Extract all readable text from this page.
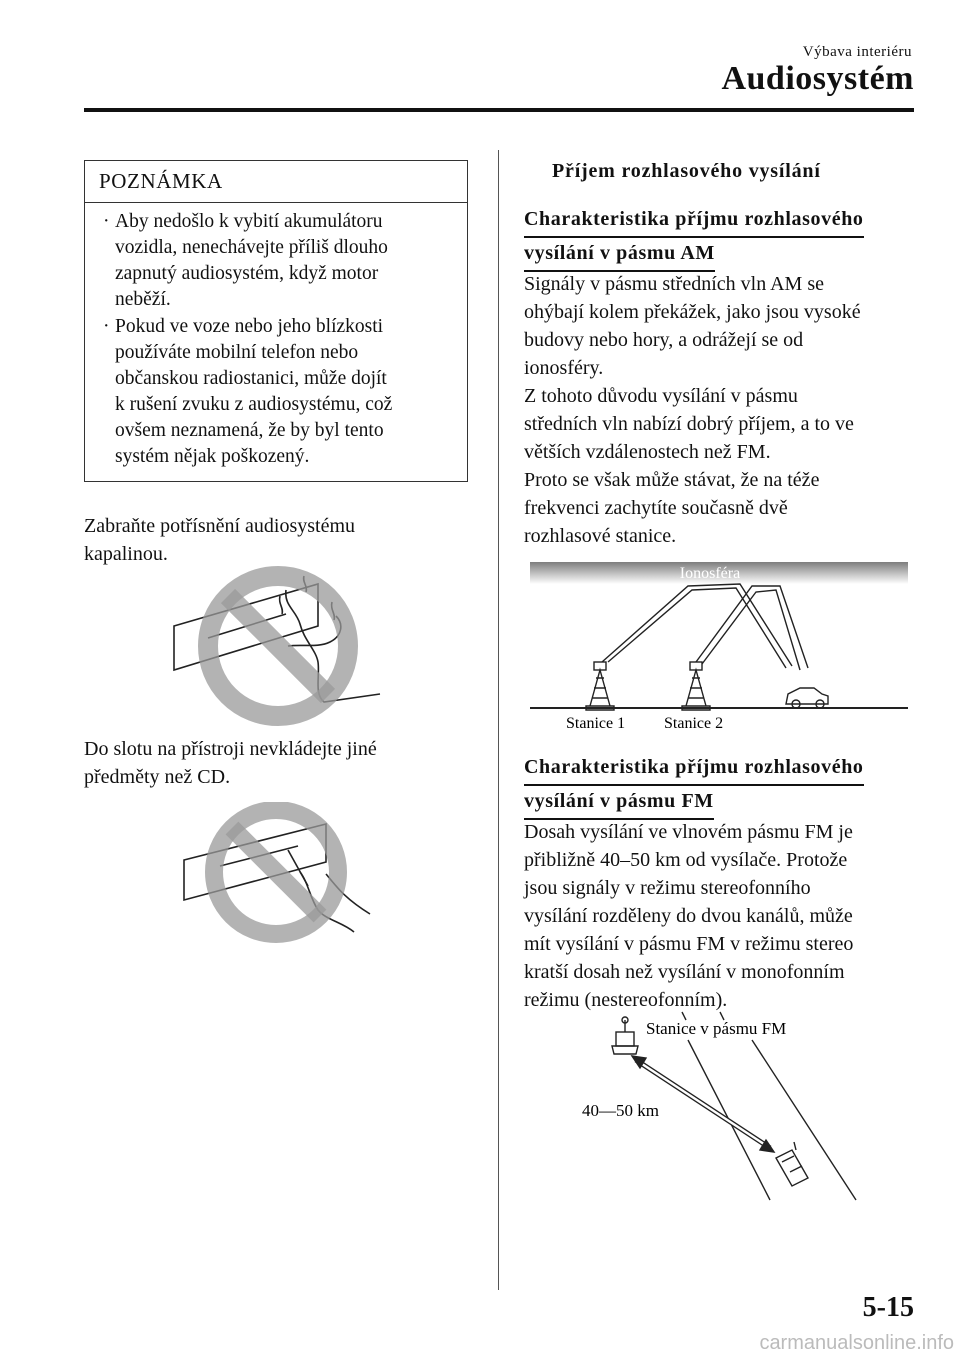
Výbava interiéru
Audiosystém
POZNÁMKA
· Aby nedošlo k vybití akumulátoru
vozidla, nenechávejte příliš dlouho
zapnutý audiosystém, když motor
neběží.
· Pokud ve voze nebo jeho blízkosti
používáte mobilní telefon nebo
občanskou radiostanici, může dojít
k rušení zvuku z audiosystému, což
ovšem neznamená, že by byl tento
systém nějak poškozený.
Zabraňte potřísnění audiosystému
kapalinou.
Do slotu na přístroji nevkládejte jiné
předměty než CD.
Příjem rozhlasového vysílání
Charakteristika příjmu rozhlasového
vysílání v pásmu AM
Signály v pásmu středních vln AM se
ohýbají kolem překážek, jako jsou vysoké
budovy nebo hory, a odrážejí se od
ionosféry.
Z tohoto důvodu vysílání v pásmu
středních vln nabízí dobrý příjem, a to ve
větších vzdálenostech než FM.
Proto se však může stávat, že na téže
frekvenci zachytíte současně dvě
rozhlasové stanice.
Ionosféra
Stanice 1 Stanice 2
Charakteristika příjmu rozhlasového
vysílání v pásmu FM
Dosah vysílání ve vlnovém pásmu FM je
přibližně 40–50 km od vysílače. Protože
jsou signály v režimu stereofonního
vysílání rozděleny do dvou kanálů, může
mít vysílání v pásmu FM v režimu stereo
kratší dosah než vysílání v monofonním
režimu (nestereofonním).
Stanice v pásmu FM
40—50 km
5-15
carmanualsonline.info
